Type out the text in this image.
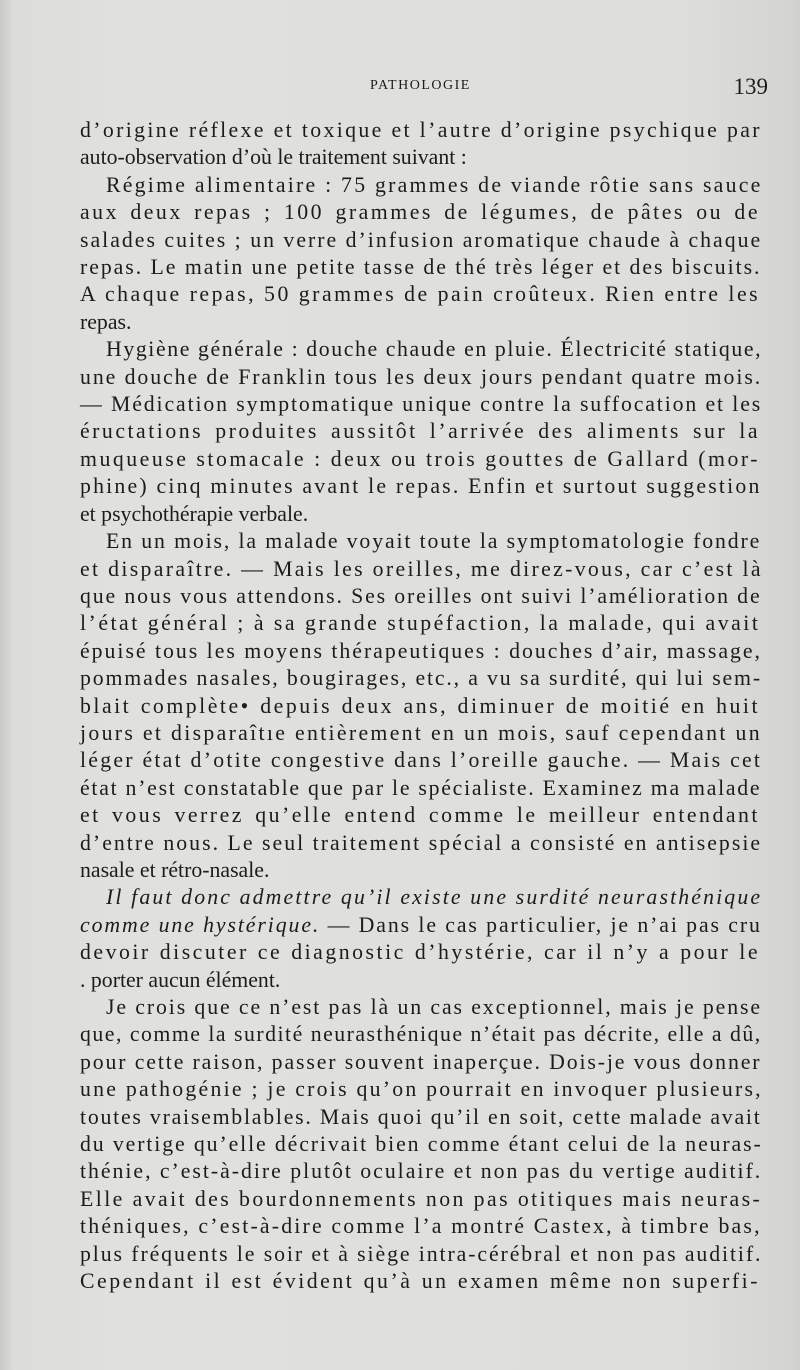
PATHOLOGIE	139

d’origine réflexe et toxique et l’autre d’origine psychique par
auto-observation d’où le traitement suivant :

Régime alimentaire : 75 grammes de viande rôtie sans sauce
aux deux repas ; 100 grammes de légumes, de pâtes ou de
salades cuites ; un verre d’infusion aromatique chaude à chaque
repas. Le matin une petite tasse de thé très léger et des biscuits.
A chaque repas, 50 grammes de pain croûteux. Rien entre les
repas.

Hygiène générale : douche chaude en pluie. Électricité statique,
une douche de Franklin tous les deux jours pendant quatre mois.
— Médication symptomatique unique contre la suffocation et les
éructations produites aussitôt l’arrivée des aliments sur la
muqueuse stomacale : deux ou trois gouttes de Gallard (mor-
phine) cinq minutes avant le repas. Enfin et surtout suggestion
et psychothérapie verbale.

En un mois, la malade voyait toute la symptomatologie fondre
et disparaître. — Mais les oreilles, me direz-vous, car c’est là
que nous vous attendons. Ses oreilles ont suivi l’amélioration de
l’état général ; à sa grande stupéfaction, la malade, qui avait
épuisé tous les moyens thérapeutiques : douches d’air, massage,
pommades nasales, bougirages, etc., a vu sa surdité, qui lui sem-
blait complète• depuis deux ans, diminuer de moitié en huit
jours et disparaîtıe entièrement en un mois, sauf cependant un
léger état d’otite congestive dans l’oreille gauche. — Mais cet
état n’est constatable que par le spécialiste. Examinez ma malade
et vous verrez qu’elle entend comme le meilleur entendant
d’entre nous. Le seul traitement spécial a consisté en antisepsie
nasale et rétro-nasale.

Il faut donc admettre qu’il existe une surdité neurasthénique
comme une hystérique. — Dans le cas particulier, je n’ai pas cru
devoir discuter ce diagnostic d’hystérie, car il n’y a pour le
. porter aucun élément.

Je crois que ce n’est pas là un cas exceptionnel, mais je pense
que, comme la surdité neurasthénique n’était pas décrite, elle a dû,
pour cette raison, passer souvent inaperçue. Dois-je vous donner
une pathogénie ; je crois qu’on pourrait en invoquer plusieurs,
toutes vraisemblables. Mais quoi qu’il en soit, cette malade avait
du vertige qu’elle décrivait bien comme étant celui de la neuras-
thénie, c’est-à-dire plutôt oculaire et non pas du vertige auditif.
Elle avait des bourdonnements non pas otitiques mais neuras-
théniques, c’est-à-dire comme l’a montré Castex, à timbre bas,
plus fréquents le soir et à siège intra-cérébral et non pas auditif.
Cependant il est évident qu’à un examen même non superfi-
